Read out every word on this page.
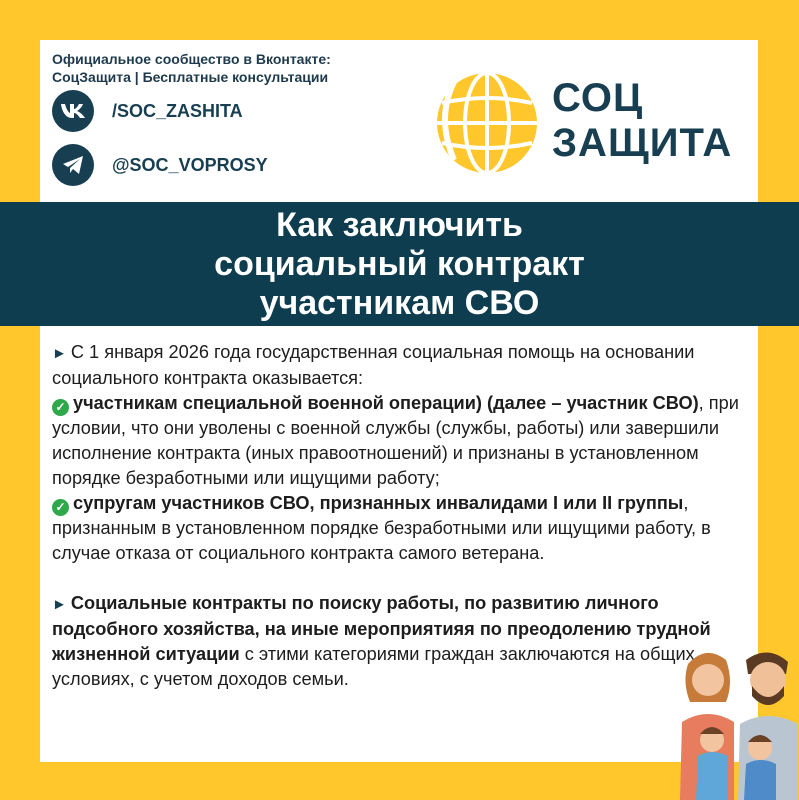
Официальное сообщество в Вконтакте:
СоцЗащита | Бесплатные консультации
/SOC_ZASHITA
@SOC_VOPROSY
СОЦ
ЗАЩИТА
Как заключить
социальный контракт
участникам СВО

► С 1 января 2026 года государственная социальная помощь на основании социального контракта оказывается:

✓ участникам специальной военной операции) (далее – участник СВО), при условии, что они уволены с военной службы (службы, работы) или завершили исполнение контракта (иных правоотношений) и признаны в установленном порядке безработными или ищущими работу;

✓ супругам участников СВО, признанных инвалидами I или II группы, признанным в установленном порядке безработными или ищущими работу, в случае отказа от социального контракта самого ветерана.

► Социальные контракты по поиску работы, по развитию личного подсобного хозяйства, на иные мероприятияя по преодолению трудной жизненной ситуации с этими категориями граждан заключаются на общих условиях, с учетом доходов семьи.
